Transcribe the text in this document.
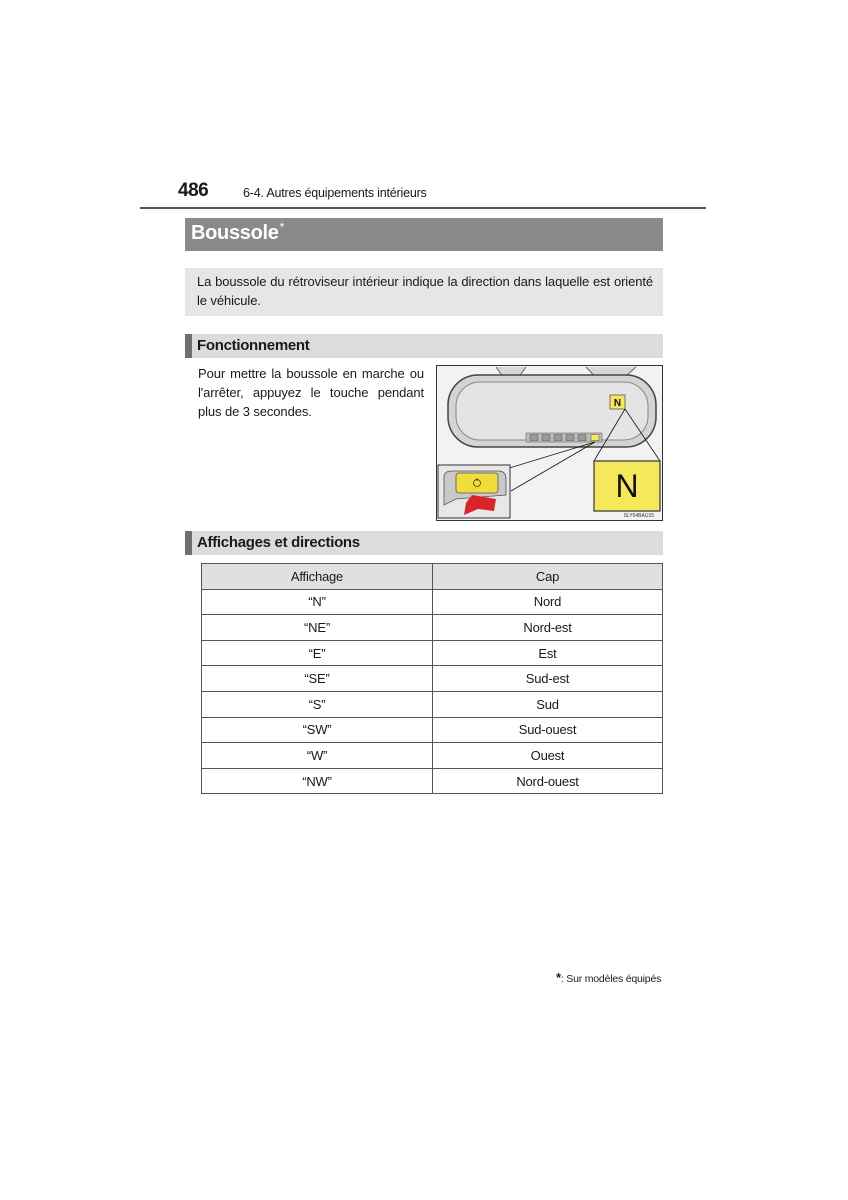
486	6-4. Autres équipements intérieurs
Boussole*
La boussole du rétroviseur intérieur indique la direction dans laquelle est orienté le véhicule.
Fonctionnement
Pour mettre la boussole en marche ou l'arrêter, appuyez le touche pendant plus de 3 secondes.
N
N
SLY64BAU15
Affichages et directions
Affichage	Cap
“N”	Nord
“NE”	Nord-est
“E”	Est
“SE”	Sud-est
“S”	Sud
“SW”	Sud-ouest
“W”	Ouest
“NW”	Nord-ouest
*: Sur modèles équipés
